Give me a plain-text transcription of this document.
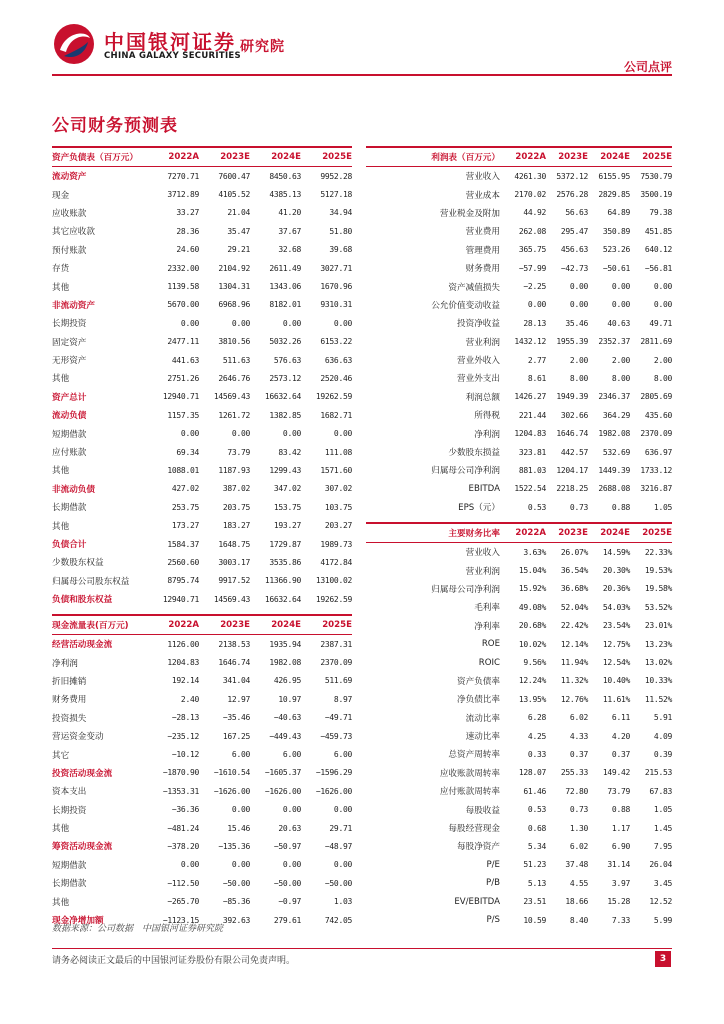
中国银河证券
CHINA GALAXY SECURITIES
研究院
公司点评
公司财务预测表
资产负债表（百万元）	2022A	2023E	2024E	2025E
流动资产	7270.71	7600.47	8450.63	9952.28
现金	3712.89	4105.52	4385.13	5127.18
应收账款	33.27	21.04	41.20	34.94
其它应收款	28.36	35.47	37.67	51.80
预付账款	24.60	29.21	32.68	39.68
存货	2332.00	2104.92	2611.49	3027.71
其他	1139.58	1304.31	1343.06	1670.96
非流动资产	5670.00	6968.96	8182.01	9310.31
长期投资	0.00	0.00	0.00	0.00
固定资产	2477.11	3810.56	5032.26	6153.22
无形资产	441.63	511.63	576.63	636.63
其他	2751.26	2646.76	2573.12	2520.46
资产总计	12940.71	14569.43	16632.64	19262.59
流动负债	1157.35	1261.72	1382.85	1682.71
短期借款	0.00	0.00	0.00	0.00
应付账款	69.34	73.79	83.42	111.08
其他	1088.01	1187.93	1299.43	1571.60
非流动负债	427.02	387.02	347.02	307.02
长期借款	253.75	203.75	153.75	103.75
其他	173.27	183.27	193.27	203.27
负债合计	1584.37	1648.75	1729.87	1989.73
少数股东权益	2560.60	3003.17	3535.86	4172.84
归属母公司股东权益	8795.74	9917.52	11366.90	13100.02
负债和股东权益	12940.71	14569.43	16632.64	19262.59
利润表（百万元）	2022A	2023E	2024E	2025E
营业收入	4261.30	5372.12	6155.95	7530.79
营业成本	2170.02	2576.28	2829.85	3500.19
营业税金及附加	44.92	56.63	64.89	79.38
营业费用	262.08	295.47	350.89	451.85
管理费用	365.75	456.63	523.26	640.12
财务费用	−57.99	−42.73	−50.61	−56.81
资产减值损失	−2.25	0.00	0.00	0.00
公允价值变动收益	0.00	0.00	0.00	0.00
投资净收益	28.13	35.46	40.63	49.71
营业利润	1432.12	1955.39	2352.37	2811.69
营业外收入	2.77	2.00	2.00	2.00
营业外支出	8.61	8.00	8.00	8.00
利润总额	1426.27	1949.39	2346.37	2805.69
所得税	221.44	302.66	364.29	435.60
净利润	1204.83	1646.74	1982.08	2370.09
少数股东损益	323.81	442.57	532.69	636.97
归属母公司净利润	881.03	1204.17	1449.39	1733.12
EBITDA	1522.54	2218.25	2688.08	3216.87
EPS（元）	0.53	0.73	0.88	1.05
主要财务比率	2022A	2023E	2024E	2025E
营业收入	3.63%	26.07%	14.59%	22.33%
营业利润	15.04%	36.54%	20.30%	19.53%
归属母公司净利润	15.92%	36.68%	20.36%	19.58%
毛利率	49.08%	52.04%	54.03%	53.52%
净利率	20.68%	22.42%	23.54%	23.01%
ROE	10.02%	12.14%	12.75%	13.23%
ROIC	9.56%	11.94%	12.54%	13.02%
资产负债率	12.24%	11.32%	10.40%	10.33%
净负债比率	13.95%	12.76%	11.61%	11.52%
流动比率	6.28	6.02	6.11	5.91
速动比率	4.25	4.33	4.20	4.09
总资产周转率	0.33	0.37	0.37	0.39
应收账款周转率	128.07	255.33	149.42	215.53
应付账款周转率	61.46	72.80	73.79	67.83
每股收益	0.53	0.73	0.88	1.05
每股经营现金	0.68	1.30	1.17	1.45
每股净资产	5.34	6.02	6.90	7.95
P/E	51.23	37.48	31.14	26.04
P/B	5.13	4.55	3.97	3.45
EV/EBITDA	23.51	18.66	15.28	12.52
P/S	10.59	8.40	7.33	5.99
现金流量表(百万元)	2022A	2023E	2024E	2025E
经营活动现金流	1126.00	2138.53	1935.94	2387.31
净利润	1204.83	1646.74	1982.08	2370.09
折旧摊销	192.14	341.04	426.95	511.69
财务费用	2.40	12.97	10.97	8.97
投资损失	−28.13	−35.46	−40.63	−49.71
营运资金变动	−235.12	167.25	−449.43	−459.73
其它	−10.12	6.00	6.00	6.00
投资活动现金流	−1870.90	−1610.54	−1605.37	−1596.29
资本支出	−1353.31	−1626.00	−1626.00	−1626.00
长期投资	−36.36	0.00	0.00	0.00
其他	−481.24	15.46	20.63	29.71
筹资活动现金流	−378.20	−135.36	−50.97	−48.97
短期借款	0.00	0.00	0.00	0.00
长期借款	−112.50	−50.00	−50.00	−50.00
其他	−265.70	−85.36	−0.97	1.03
现金净增加额	−1123.15	392.63	279.61	742.05
数据来源：公司数据　中国银河证券研究院
请务必阅读正文最后的中国银河证券股份有限公司免责声明。	3
